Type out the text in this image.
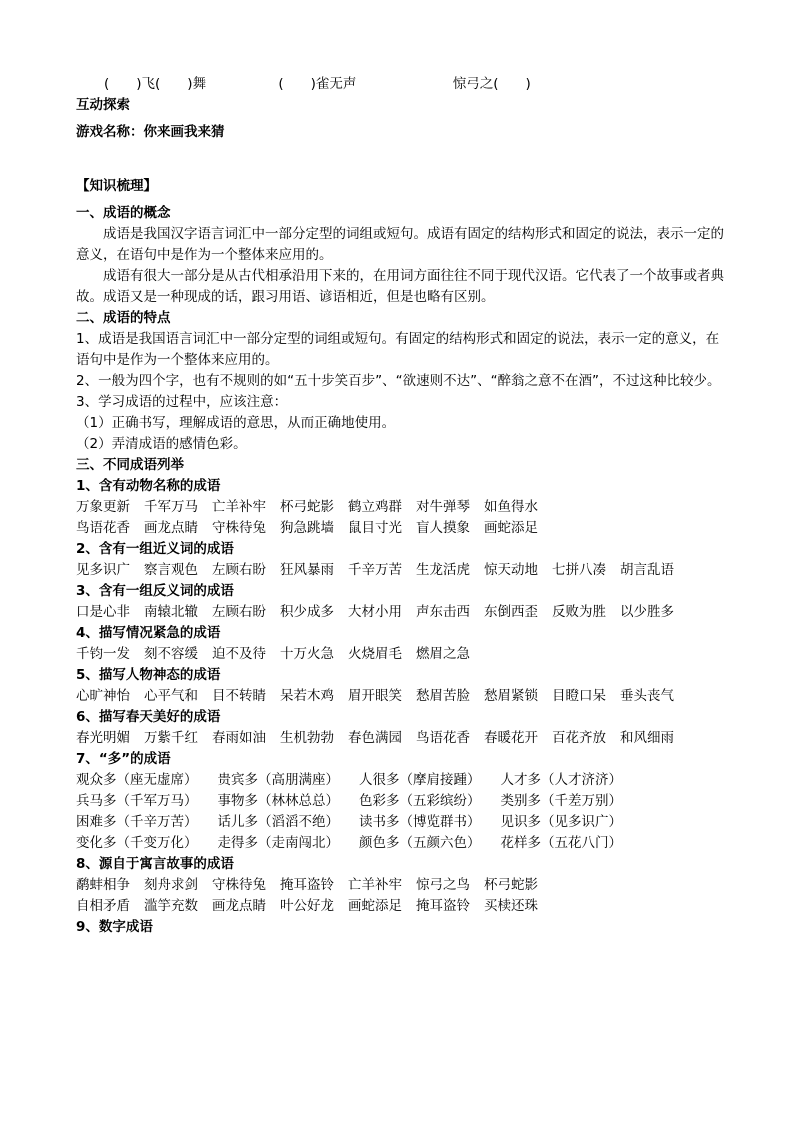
(　　)飞(　　)舞	(　　)雀无声	惊弓之(　　)
互动探索
游戏名称：你来画我来猜
【知识梳理】
一、成语的概念
成语是我国汉字语言词汇中一部分定型的词组或短句。成语有固定的结构形式和固定的说法，表示一定的意义，在语句中是作为一个整体来应用的。
成语有很大一部分是从古代相承沿用下来的，在用词方面往往不同于现代汉语。它代表了一个故事或者典故。成语又是一种现成的话，跟习用语、谚语相近，但是也略有区别。
二、成语的特点
1、成语是我国语言词汇中一部分定型的词组或短句。有固定的结构形式和固定的说法，表示一定的意义，在语句中是作为一个整体来应用的。
2、一般为四个字，也有不规则的如“五十步笑百步”、“欲速则不达”、“醉翁之意不在酒”，不过这种比较少。
3、学习成语的过程中，应该注意：
（1）正确书写，理解成语的意思，从而正确地使用。
（2）弄清成语的感情色彩。
三、不同成语列举
1、含有动物名称的成语
万象更新 千军万马 亡羊补牢 杯弓蛇影 鹤立鸡群 对牛弹琴 如鱼得水
鸟语花香 画龙点睛 守株待兔 狗急跳墙 鼠目寸光 盲人摸象 画蛇添足
2、含有一组近义词的成语
见多识广 察言观色 左顾右盼 狂风暴雨 千辛万苦 生龙活虎 惊天动地 七拼八凑 胡言乱语
3、含有一组反义词的成语
口是心非 南辕北辙 左顾右盼 积少成多 大材小用 声东击西 东倒西歪 反败为胜 以少胜多
4、描写情况紧急的成语
千钧一发 刻不容缓 迫不及待 十万火急 火烧眉毛 燃眉之急
5、描写人物神态的成语
心旷神怡 心平气和 目不转睛 呆若木鸡 眉开眼笑 愁眉苦脸 愁眉紧锁 目瞪口呆 垂头丧气
6、描写春天美好的成语
春光明媚 万紫千红 春雨如油 生机勃勃 春色满园 鸟语花香 春暖花开 百花齐放 和风细雨
7、“多”的成语
观众多（座无虚席） 贵宾多（高朋满座） 人很多（摩肩接踵） 人才多（人才济济）
兵马多（千军万马） 事物多（林林总总） 色彩多（五彩缤纷） 类别多（千差万别）
困难多（千辛万苦） 话儿多（滔滔不绝） 读书多（博览群书） 见识多（见多识广）
变化多（千变万化） 走得多（走南闯北） 颜色多（五颜六色） 花样多（五花八门）
8、源自于寓言故事的成语
鹬蚌相争 刻舟求剑 守株待兔 掩耳盗铃 亡羊补牢 惊弓之鸟 杯弓蛇影
自相矛盾 滥竽充数 画龙点睛 叶公好龙 画蛇添足 掩耳盗铃 买椟还珠
9、数字成语
